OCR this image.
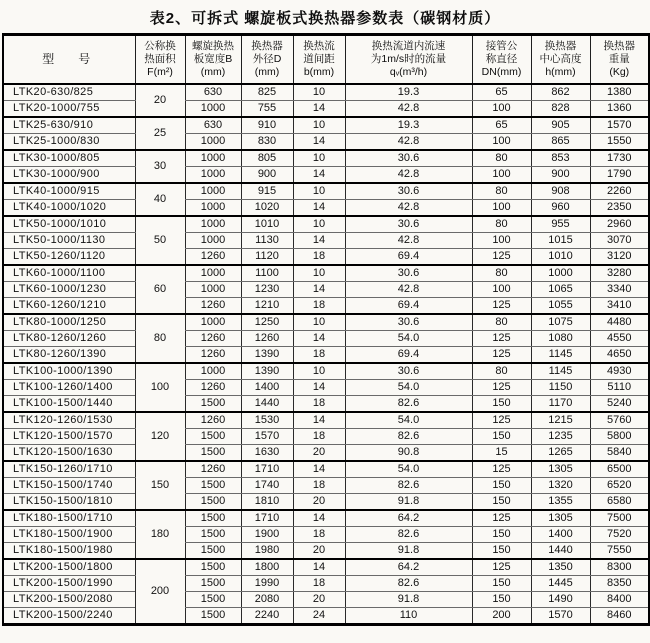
表2、可拆式 螺旋板式换热器参数表（碳钢材质）
型　号

公称换
热面积
F(m²)

螺旋换热
板宽度B
(mm)

换热器
外径D
(mm)

换热流
道间距
b(mm)

换热流道内流速
为1m/s时的流量
qᵥ(m³/h)

接管公
称直径
DN(mm)

换热器
中心高度
h(mm)

换热器
重量
(Kg)

LTK20-630/825	20	630	825	10	19.3	65	862	1380
LTK20-1000/755		1000	755	14	42.8	100	828	1360
LTK25-630/910	25	630	910	10	19.3	65	905	1570
LTK25-1000/830		1000	830	14	42.8	100	865	1550
LTK30-1000/805	30	1000	805	10	30.6	80	853	1730
LTK30-1000/900		1000	900	14	42.8	100	900	1790
LTK40-1000/915	40	1000	915	10	30.6	80	908	2260
LTK40-1000/1020		1000	1020	14	42.8	100	960	2350
LTK50-1000/1010	50	1000	1010	10	30.6	80	955	2960
LTK50-1000/1130		1000	1130	14	42.8	100	1015	3070
LTK50-1260/1120		1260	1120	18	69.4	125	1010	3120
LTK60-1000/1100	60	1000	1100	10	30.6	80	1000	3280
LTK60-1000/1230		1000	1230	14	42.8	100	1065	3340
LTK60-1260/1210		1260	1210	18	69.4	125	1055	3410
LTK80-1000/1250	80	1000	1250	10	30.6	80	1075	4480
LTK80-1260/1260		1260	1260	14	54.0	125	1080	4550
LTK80-1260/1390		1260	1390	18	69.4	125	1145	4650
LTK100-1000/1390	100	1000	1390	10	30.6	80	1145	4930
LTK100-1260/1400		1260	1400	14	54.0	125	1150	5110
LTK100-1500/1440		1500	1440	18	82.6	150	1170	5240
LTK120-1260/1530	120	1260	1530	14	54.0	125	1215	5760
LTK120-1500/1570		1500	1570	18	82.6	150	1235	5800
LTK120-1500/1630		1500	1630	20	90.8	15	1265	5840
LTK150-1260/1710	150	1260	1710	14	54.0	125	1305	6500
LTK150-1500/1740		1500	1740	18	82.6	150	1320	6520
LTK150-1500/1810		1500	1810	20	91.8	150	1355	6580
LTK180-1500/1710	180	1500	1710	14	64.2	125	1305	7500
LTK180-1500/1900		1500	1900	18	82.6	150	1400	7520
LTK180-1500/1980		1500	1980	20	91.8	150	1440	7550
LTK200-1500/1800	200	1500	1800	14	64.2	125	1350	8300
LTK200-1500/1990		1500	1990	18	82.6	150	1445	8350
LTK200-1500/2080		1500	2080	20	91.8	150	1490	8400
LTK200-1500/2240		1500	2240	24	110	200	1570	8460
